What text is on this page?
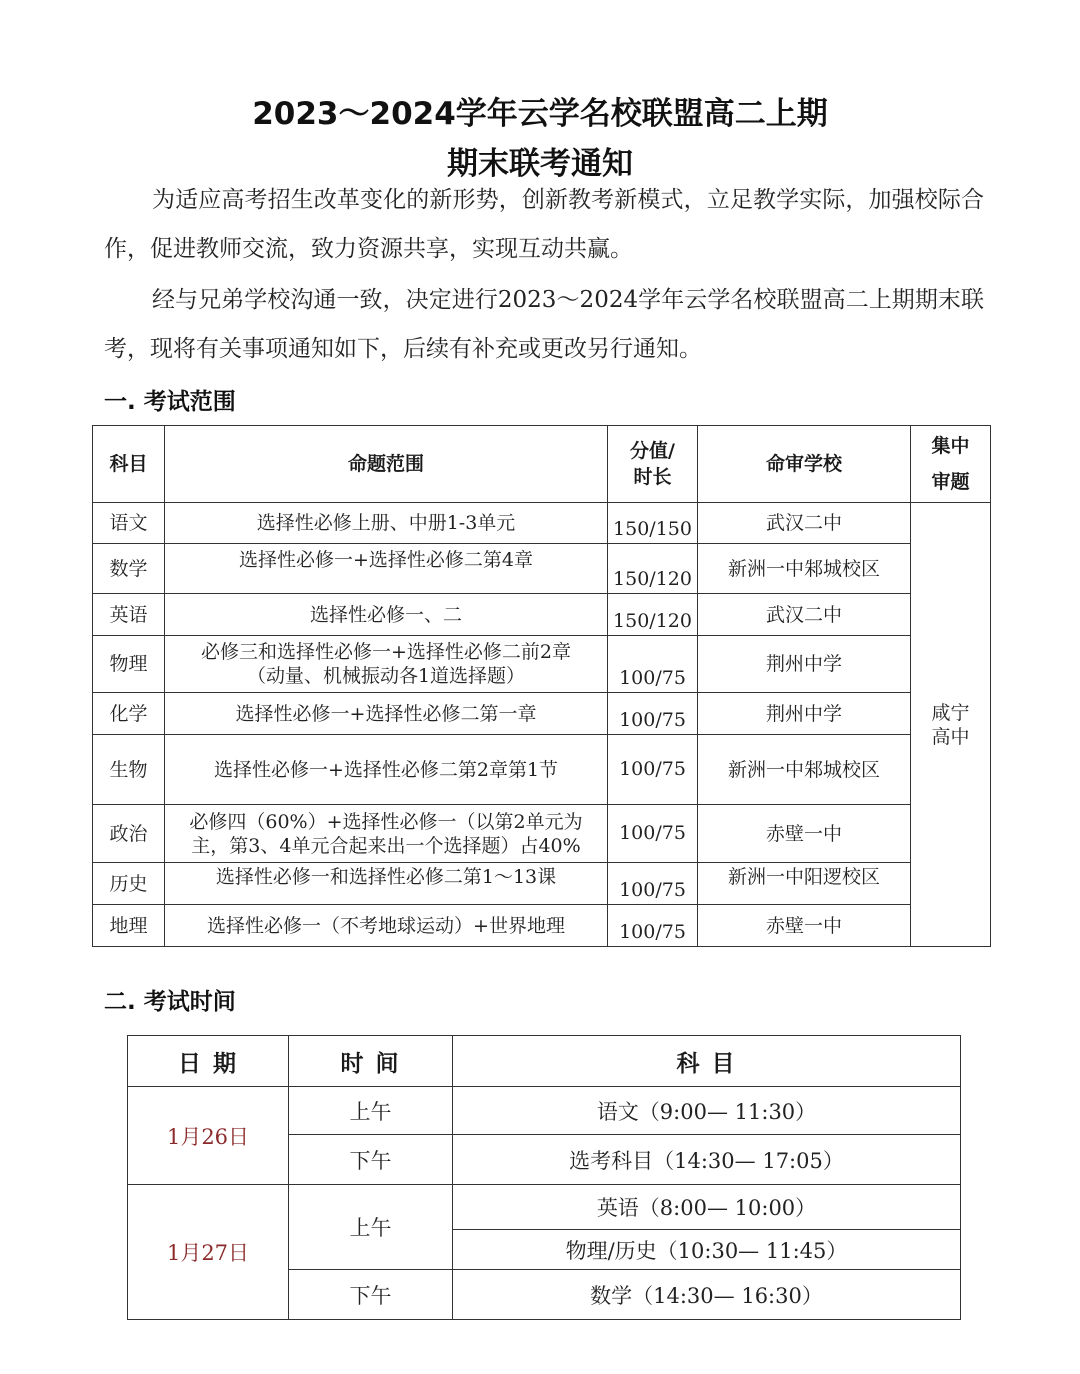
2023～2024学年云学名校联盟高二上期
期末联考通知
为适应高考招生改革变化的新形势，创新教考新模式，立足教学实际，加强校际合作，促进教师交流，致力资源共享，实现互动共赢。
经与兄弟学校沟通一致，决定进行2023～2024学年云学名校联盟高二上期期末联考，现将有关事项通知如下，后续有补充或更改另行通知。
一. 考试范围
科目	命题范围	分值/时长	命审学校	集中审题
语文	选择性必修上册、中册1-3单元	150/150	武汉二中	咸宁高中
数学	选择性必修一+选择性必修二第4章	150/120	新洲一中邾城校区	
英语	选择性必修一、二	150/120	武汉二中	
物理	必修三和选择性必修一+选择性必修二前2章（动量、机械振动各1道选择题）	100/75	荆州中学	
化学	选择性必修一+选择性必修二第一章	100/75	荆州中学	
生物	选择性必修一+选择性必修二第2章第1节	100/75	新洲一中邾城校区	
政治	必修四（60%）+选择性必修一（以第2单元为主，第3、4单元合起来出一个选择题）占40%	100/75	赤壁一中	
历史	选择性必修一和选择性必修二第1～13课	100/75	新洲一中阳逻校区	
地理	选择性必修一（不考地球运动）+世界地理	100/75	赤壁一中	
二. 考试时间
日 期	时 间	科 目
1月26日	上午	语文（9:00— 11:30）
	下午	选考科目（14:30— 17:05）
1月27日	上午	英语（8:00— 10:00）
		物理/历史（10:30— 11:45）
	下午	数学（14:30— 16:30）
